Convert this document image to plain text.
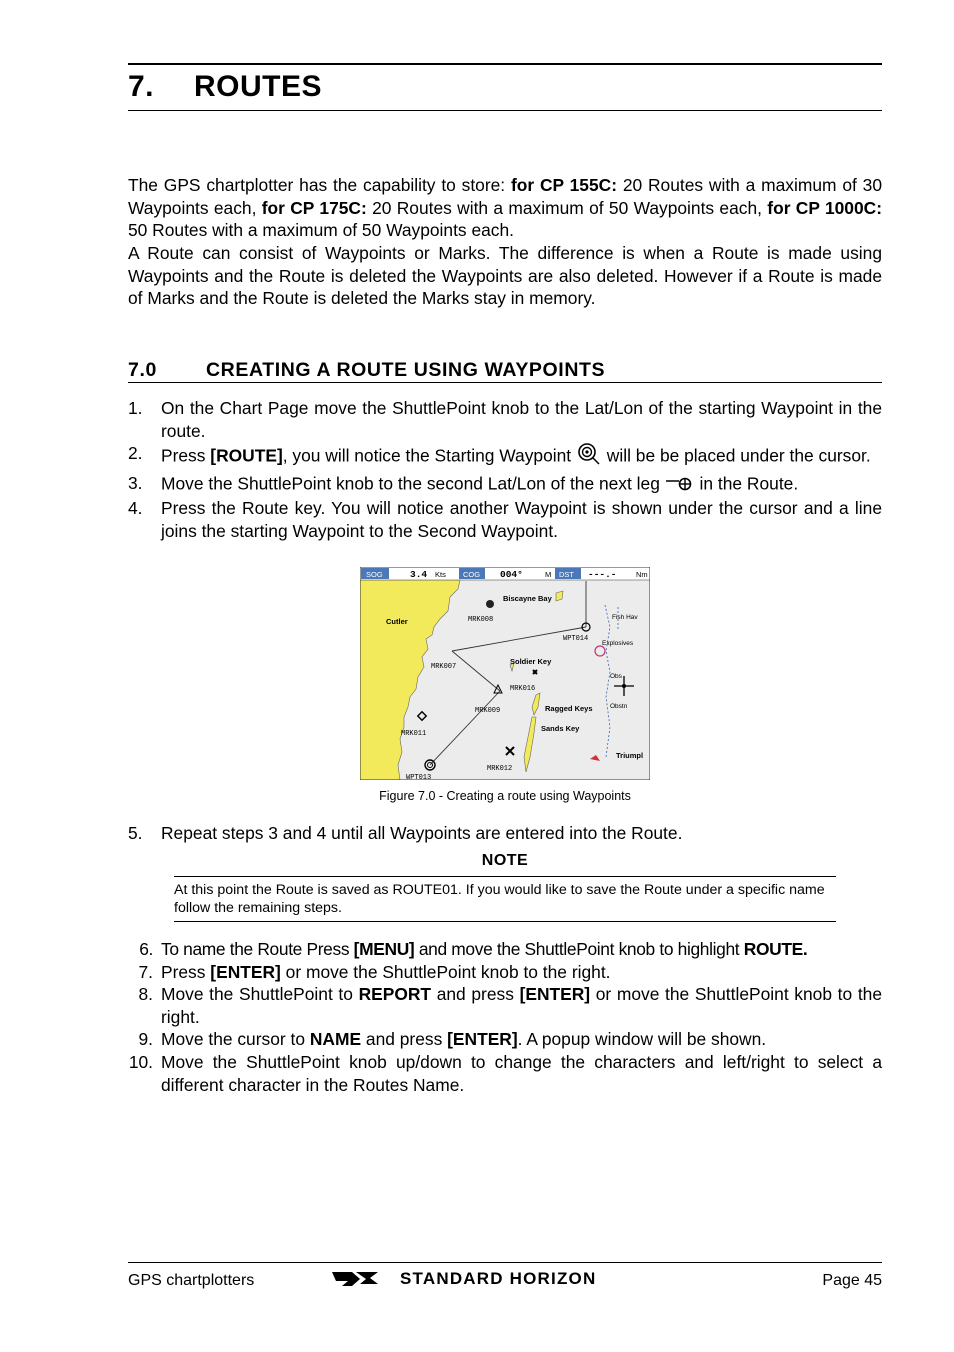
7. ROUTES
The GPS chartplotter has the capability to store: for CP 155C: 20 Routes with a maximum of 30 Waypoints each, for CP 175C: 20 Routes with a maximum of 50 Waypoints each, for CP 1000C: 50 Routes with a maximum of 50 Waypoints each.
A Route can consist of Waypoints or Marks. The difference is when a Route is made using Waypoints and the Route is deleted the Waypoints are also deleted. However if a Route is made of Marks and the Route is deleted the Marks stay in memory.
7.0	CREATING A ROUTE USING WAYPOINTS
1.	On the Chart Page move the ShuttlePoint knob to the Lat/Lon of the starting Waypoint in the route.
2.	Press [ROUTE], you will notice the Starting Waypoint  will be be placed under the cursor.
3.	Move the ShuttlePoint knob to the second Lat/Lon of the next leg  in the Route.
4.	Press the Route key. You will notice another Waypoint is shown under the cursor and a line joins the starting Waypoint to the Second Waypoint.
SOG	3.4 Kts COG 004°	M DST ---.-	Nm
Biscayne Bay
Cutler	MRK008
WPT014
Explosives
Fish Hav
Soldier Key
MRK007
MRK016
Obs
Obstn
MRK009	Ragged Keys
Sands Key
MRK011
MRK012
WPT013
Triumpl
Figure 7.0 - Creating a route using Waypoints
5.	Repeat steps 3 and 4 until all Waypoints are entered into the Route.
NOTE
At this point the Route is saved as ROUTE01. If you would like to save the Route under a specific name follow the remaining steps.
6. To name the Route Press [MENU] and move the ShuttlePoint knob to highlight ROUTE.
7. Press [ENTER] or move the ShuttlePoint knob to the right.
8. Move the ShuttlePoint to REPORT and press [ENTER] or move the ShuttlePoint knob to the right.
9. Move the cursor to NAME and press [ENTER]. A popup window will be shown.
10. Move the ShuttlePoint knob up/down to change the characters and left/right to select a different character in the Routes Name.
GPS chartplotters	STANDARD HORIZON	Page 45
